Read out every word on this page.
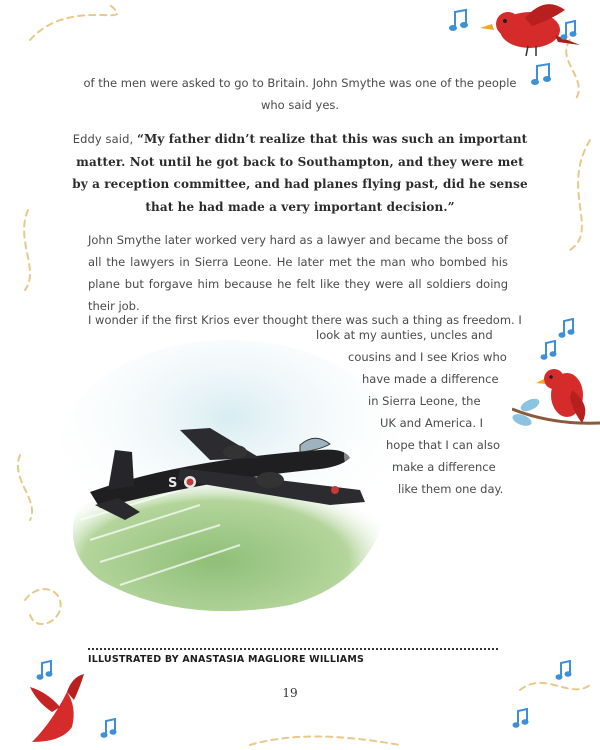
of the men were asked to go to Britain. John Smythe was one of the people
who said yes.
Eddy said, “My father didn’t realize that this was such an important matter. Not until he got back to Southampton, and they were met by a reception committee, and had planes flying past, did he sense that he had made a very important decision.”
John Smythe later worked very hard as a lawyer and became the boss of all the lawyers in Sierra Leone. He later met the man who bombed his plane but forgave him because he felt like they were all soldiers doing their job.
I wonder if the first Krios ever thought there was such a thing as freedom. I
S
look at my aunties, uncles and
cousins and I see Krios who
have made a difference
in Sierra Leone, the
UK and America. I
hope that I can also
make a difference
like them one day.
ILLUSTRATED BY ANASTASIA MAGLIORE WILLIAMS
19
